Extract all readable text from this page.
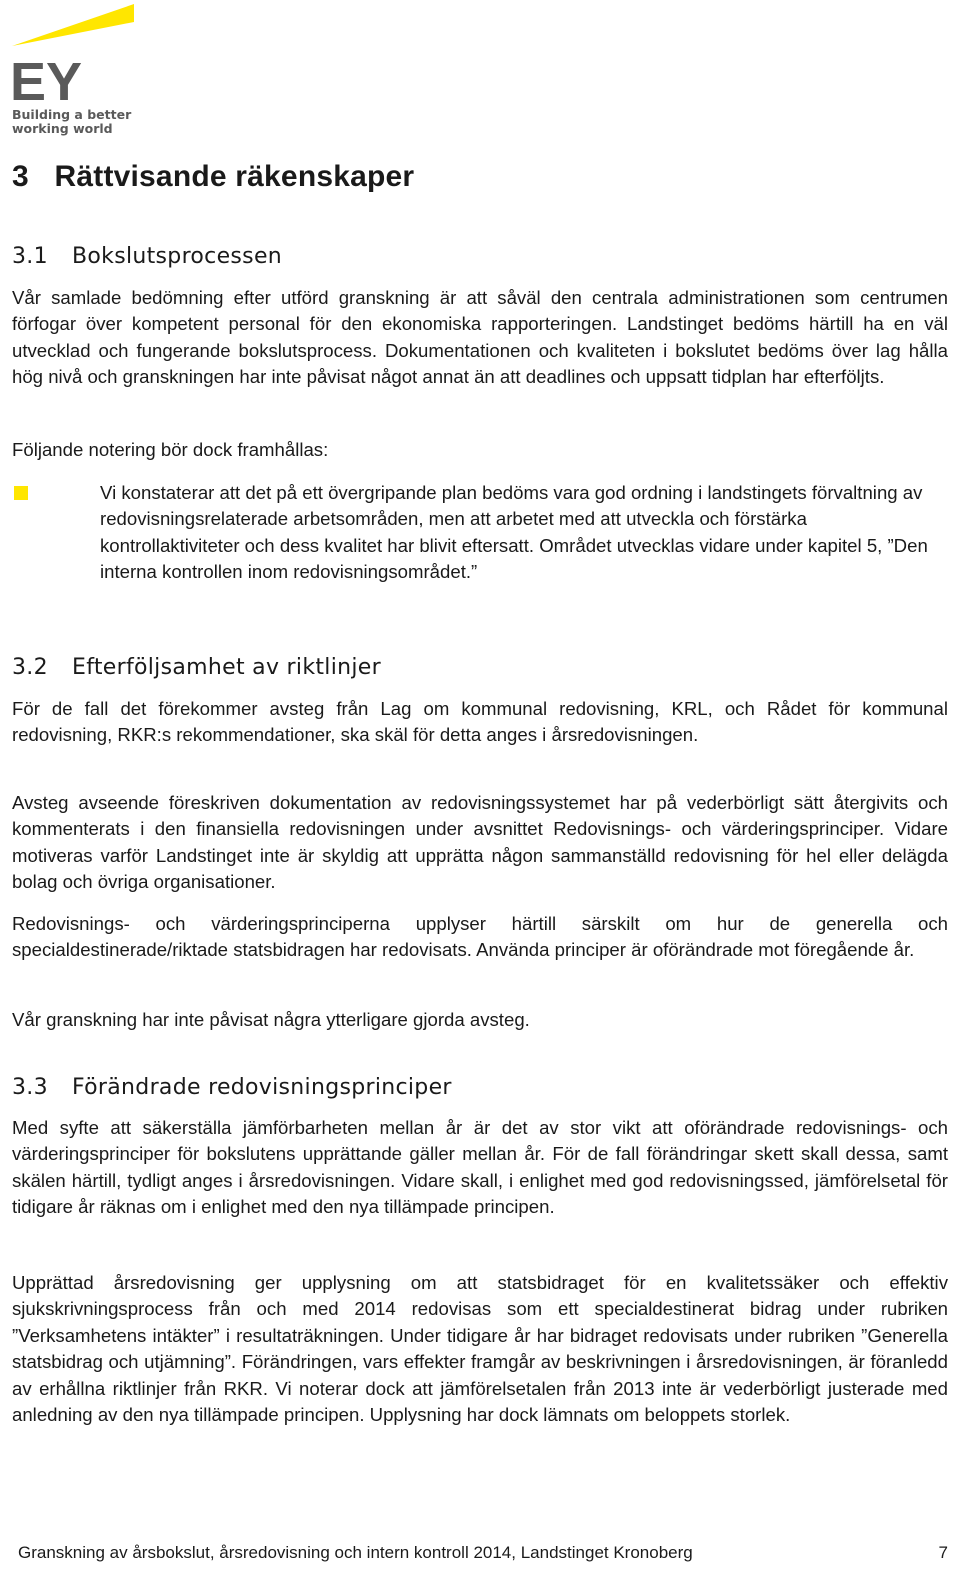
EY
Building a better
working world
3 Rättvisande räkenskaper
3.1 Bokslutsprocessen

Vår samlade bedömning efter utförd granskning är att såväl den centrala administrationen som centrumen förfogar över kompetent personal för den ekonomiska rapporteringen. Landstinget bedöms härtill ha en väl utvecklad och fungerande bokslutsprocess. Dokumentationen och kvaliteten i bokslutet bedöms över lag hålla hög nivå och granskningen har inte påvisat något annat än att deadlines och uppsatt tidplan har efterföljts.

Följande notering bör dock framhållas:

Vi konstaterar att det på ett övergripande plan bedöms vara god ordning i landstingets förvaltning av redovisningsrelaterade arbetsområden, men att arbetet med att utveckla och förstärka kontrollaktiviteter och dess kvalitet har blivit eftersatt. Området utvecklas vidare under kapitel 5, ”Den interna kontrollen inom redovisningsområdet.”

3.2 Efterföljsamhet av riktlinjer

För de fall det förekommer avsteg från Lag om kommunal redovisning, KRL, och Rådet för kommunal redovisning, RKR:s rekommendationer, ska skäl för detta anges i årsredovisningen.

Avsteg avseende föreskriven dokumentation av redovisningssystemet har på vederbörligt sätt återgivits och kommenterats i den finansiella redovisningen under avsnittet Redovisnings- och värderingsprinciper. Vidare motiveras varför Landstinget inte är skyldig att upprätta någon sammanställd redovisning för hel eller delägda bolag och övriga organisationer.

Redovisnings- och värderingsprinciperna upplyser härtill särskilt om hur de generella och specialdestinerade/riktade statsbidragen har redovisats. Använda principer är oförändrade mot föregående år.

Vår granskning har inte påvisat några ytterligare gjorda avsteg.

3.3 Förändrade redovisningsprinciper

Med syfte att säkerställa jämförbarheten mellan år är det av stor vikt att oförändrade redovisnings- och värderingsprinciper för bokslutens upprättande gäller mellan år. För de fall förändringar skett skall dessa, samt skälen härtill, tydligt anges i årsredovisningen. Vidare skall, i enlighet med god redovisningssed, jämförelsetal för tidigare år räknas om i enlighet med den nya tillämpade principen.

Upprättad årsredovisning ger upplysning om att statsbidraget för en kvalitetssäker och effektiv sjukskrivningsprocess från och med 2014 redovisas som ett specialdestinerat bidrag under rubriken ”Verksamhetens intäkter” i resultaträkningen. Under tidigare år har bidraget redovisats under rubriken ”Generella statsbidrag och utjämning”. Förändringen, vars effekter framgår av beskrivningen i årsredovisningen, är föranledd av erhållna riktlinjer från RKR. Vi noterar dock att jämförelsetalen från 2013 inte är vederbörligt justerade med anledning av den nya tillämpade principen. Upplysning har dock lämnats om beloppets storlek.

Granskning av årsbokslut, årsredovisning och intern kontroll 2014, Landstinget Kronoberg	7
